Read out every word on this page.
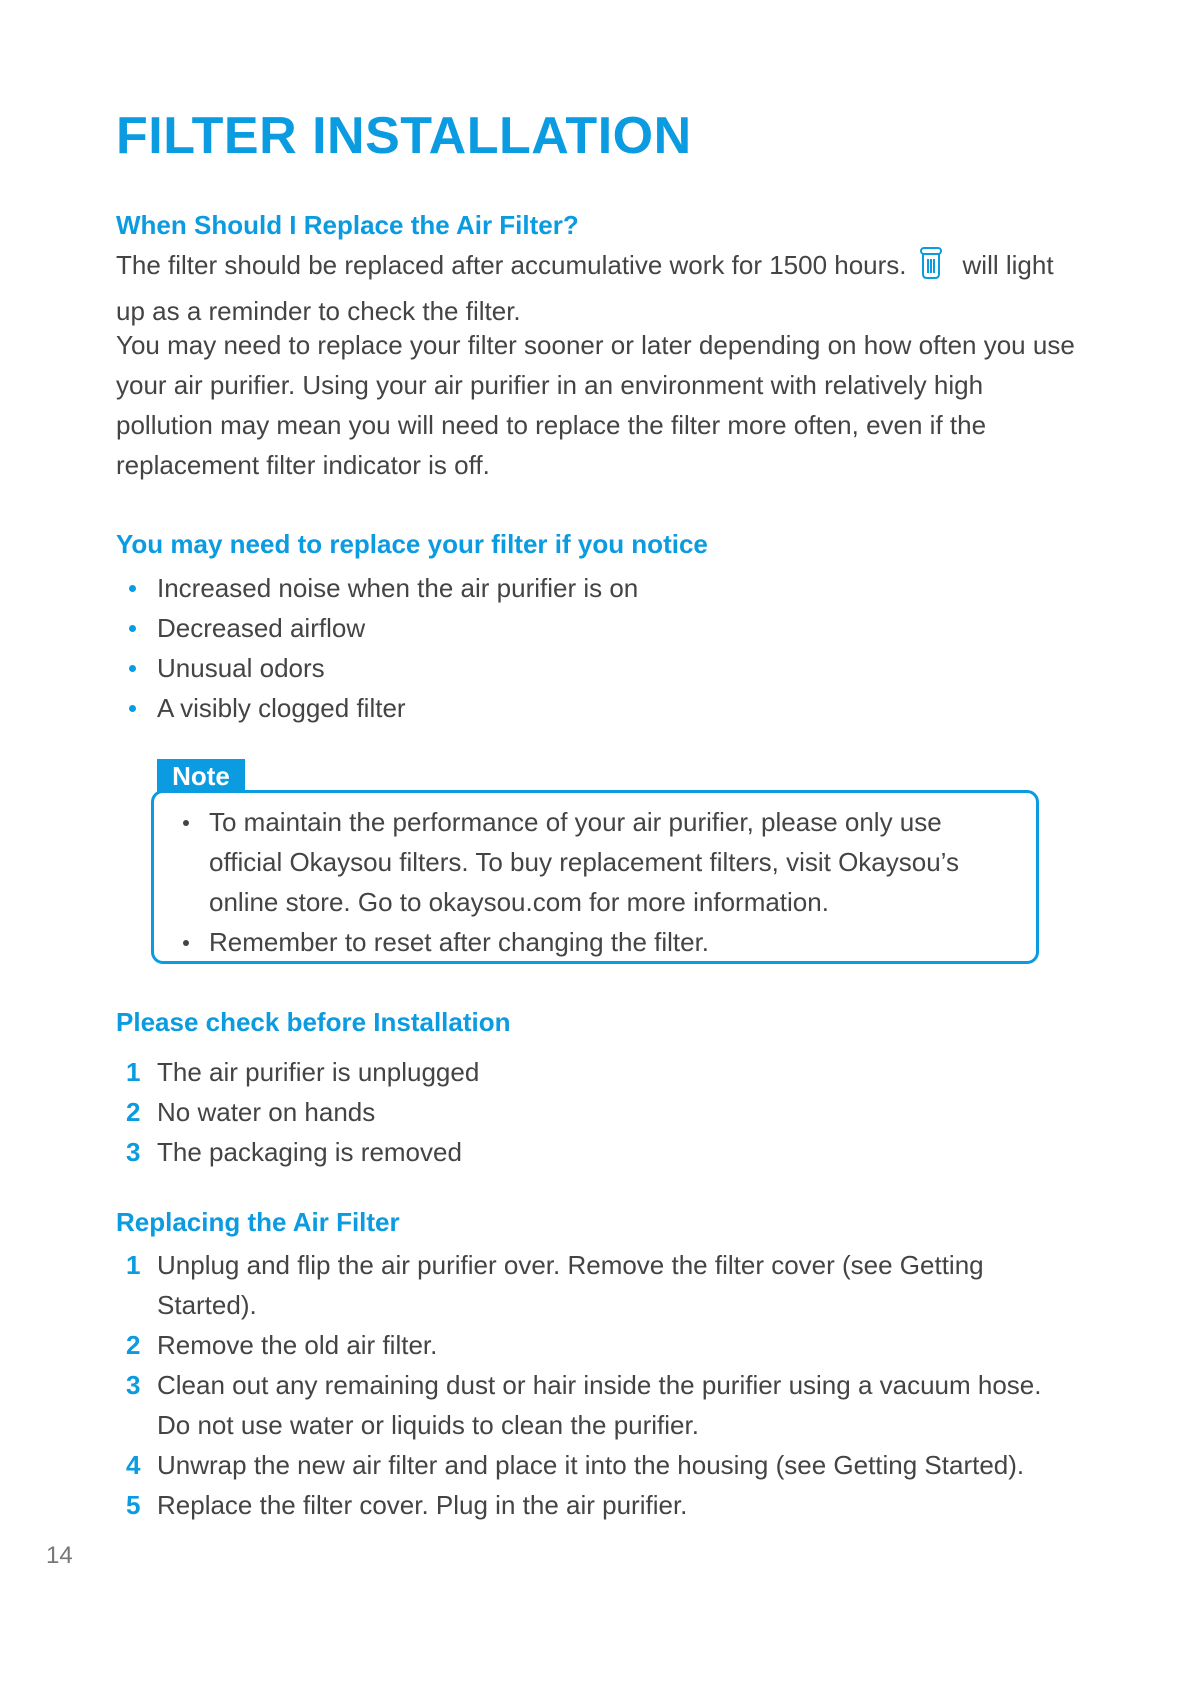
FILTER INSTALLATION
When Should I Replace the Air Filter?

The filter should be replaced after accumulative work for 1500 hours. will light up as a reminder to check the filter.

You may need to replace your filter sooner or later depending on how often you use your air purifier. Using your air purifier in an environment with relatively high pollution may mean you will need to replace the filter more often, even if the replacement filter indicator is off.

You may need to replace your filter if you notice
Increased noise when the air purifier is on
Decreased airflow
Unusual odors
A visibly clogged filter
Note
To maintain the performance of your air purifier, please only use official Okaysou filters. To buy replacement filters, visit Okaysou’s online store. Go to okaysou.com for more information.
Remember to reset after changing the filter.
Please check before Installation
1 The air purifier is unplugged
2 No water on hands
3 The packaging is removed
Replacing the Air Filter
1 Unplug and flip the air purifier over. Remove the filter cover (see Getting Started).
2 Remove the old air filter.
3 Clean out any remaining dust or hair inside the purifier using a vacuum hose. Do not use water or liquids to clean the purifier.
4 Unwrap the new air filter and place it into the housing (see Getting Started).
5 Replace the filter cover. Plug in the air purifier.
14
